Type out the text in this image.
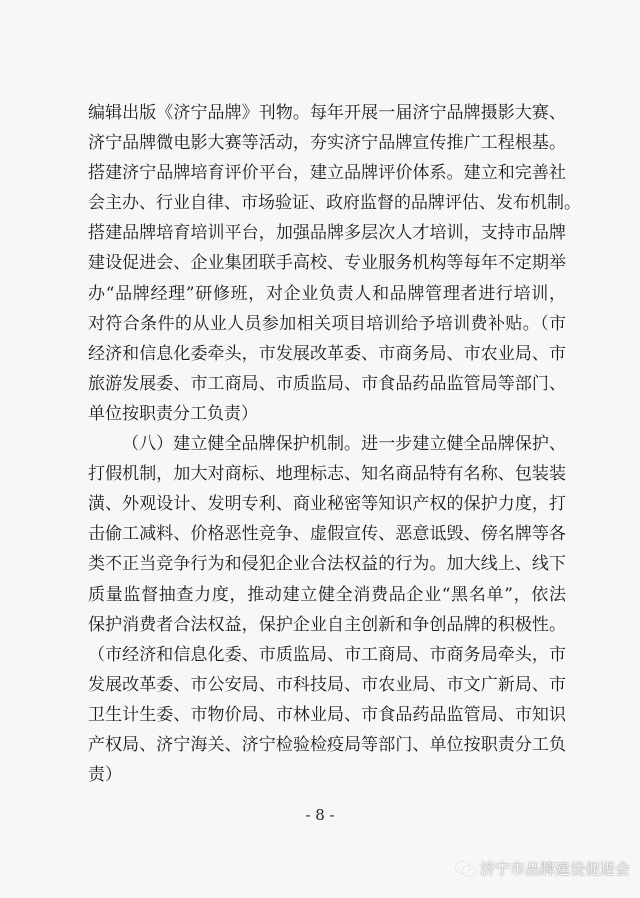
编辑出版《济宁品牌》刊物。每年开展一届济宁品牌摄影大赛、
济宁品牌微电影大赛等活动，夯实济宁品牌宣传推广工程根基。
搭建济宁品牌培育评价平台，建立品牌评价体系。建立和完善社
会主办、行业自律、市场验证、政府监督的品牌评估、发布机制。
搭建品牌培育培训平台，加强品牌多层次人才培训，支持市品牌
建设促进会、企业集团联手高校、专业服务机构等每年不定期举
办“品牌经理”研修班，对企业负责人和品牌管理者进行培训，
对符合条件的从业人员参加相关项目培训给予培训费补贴。（市
经济和信息化委牵头，市发展改革委、市商务局、市农业局、市
旅游发展委、市工商局、市质监局、市食品药品监管局等部门、
单位按职责分工负责）
（八）建立健全品牌保护机制。进一步建立健全品牌保护、
打假机制，加大对商标、地理标志、知名商品特有名称、包装装
潢、外观设计、发明专利、商业秘密等知识产权的保护力度，打
击偷工减料、价格恶性竞争、虚假宣传、恶意诋毁、傍名牌等各
类不正当竞争行为和侵犯企业合法权益的行为。加大线上、线下
质量监督抽查力度，推动建立健全消费品企业“黑名单”，依法
保护消费者合法权益，保护企业自主创新和争创品牌的积极性。
（市经济和信息化委、市质监局、市工商局、市商务局牵头，市
发展改革委、市公安局、市科技局、市农业局、市文广新局、市
卫生计生委、市物价局、市林业局、市食品药品监管局、市知识
产权局、济宁海关、济宁检验检疫局等部门、单位按职责分工负
责）
- 8 -
济宁市品牌建设促进会
